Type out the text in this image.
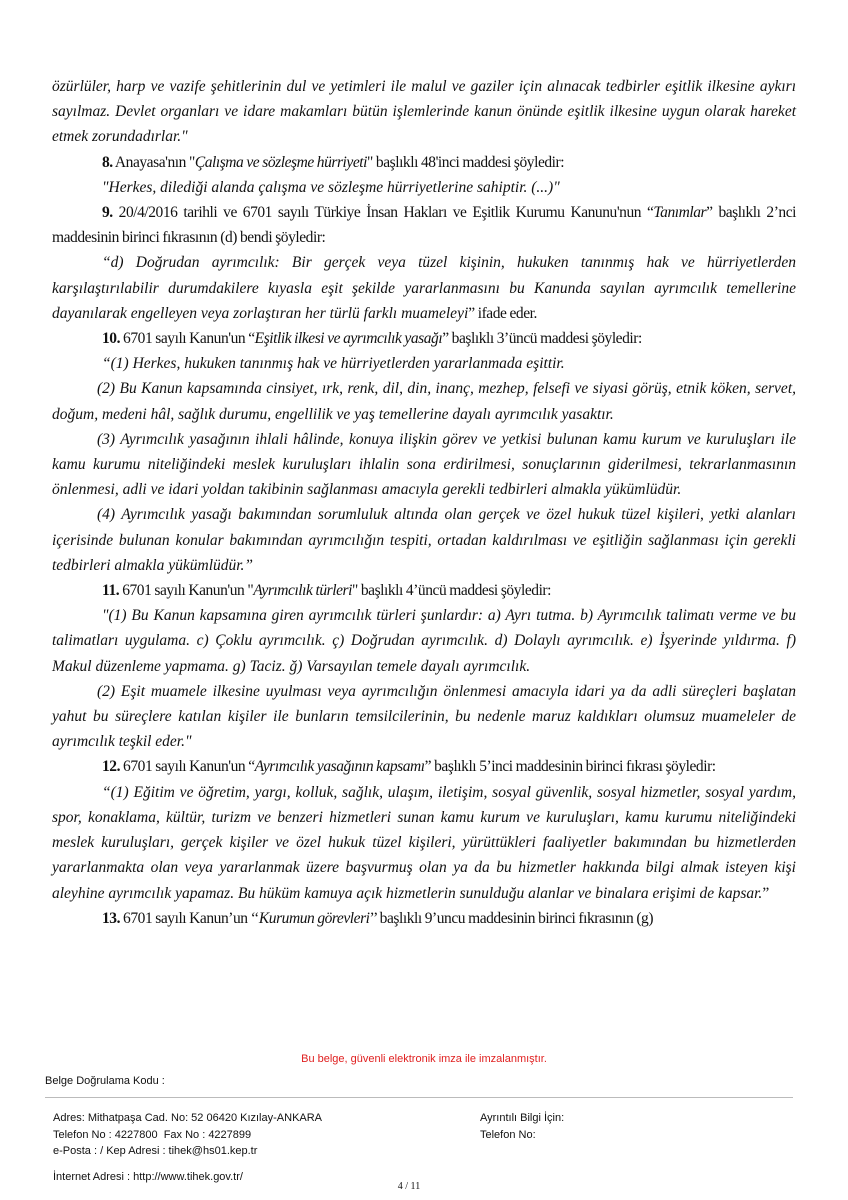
özürlüler, harp ve vazife şehitlerinin dul ve yetimleri ile malul ve gaziler için alınacak tedbirler eşitlik ilkesine aykırı sayılmaz. Devlet organları ve idare makamları bütün işlemlerinde kanun önünde eşitlik ilkesine uygun olarak hareket etmek zorundadırlar."

8. Anayasa'nın "Çalışma ve sözleşme hürriyeti" başlıklı 48'inci maddesi şöyledir:

"Herkes, dilediği alanda çalışma ve sözleşme hürriyetlerine sahiptir. (...)"

9. 20/4/2016 tarihli ve 6701 sayılı Türkiye İnsan Hakları ve Eşitlik Kurumu Kanunu'nun “Tanımlar” başlıklı 2’nci maddesinin birinci fıkrasının (d) bendi şöyledir:

“d) Doğrudan ayrımcılık: Bir gerçek veya tüzel kişinin, hukuken tanınmış hak ve hürriyetlerden karşılaştırılabilir durumdakilere kıyasla eşit şekilde yararlanmasını bu Kanunda sayılan ayrımcılık temellerine dayanılarak engelleyen veya zorlaştıran her türlü farklı muameleyi” ifade eder.

10. 6701 sayılı Kanun'un “Eşitlik ilkesi ve ayrımcılık yasağı” başlıklı 3’üncü maddesi şöyledir:

“(1) Herkes, hukuken tanınmış hak ve hürriyetlerden yararlanmada eşittir.

(2) Bu Kanun kapsamında cinsiyet, ırk, renk, dil, din, inanç, mezhep, felsefi ve siyasi görüş, etnik köken, servet, doğum, medeni hâl, sağlık durumu, engellilik ve yaş temellerine dayalı ayrımcılık yasaktır.

(3) Ayrımcılık yasağının ihlali hâlinde, konuya ilişkin görev ve yetkisi bulunan kamu kurum ve kuruluşları ile kamu kurumu niteliğindeki meslek kuruluşları ihlalin sona erdirilmesi, sonuçlarının giderilmesi, tekrarlanmasının önlenmesi, adli ve idari yoldan takibinin sağlanması amacıyla gerekli tedbirleri almakla yükümlüdür.

(4) Ayrımcılık yasağı bakımından sorumluluk altında olan gerçek ve özel hukuk tüzel kişileri, yetki alanları içerisinde bulunan konular bakımından ayrımcılığın tespiti, ortadan kaldırılması ve eşitliğin sağlanması için gerekli tedbirleri almakla yükümlüdür.”

11. 6701 sayılı Kanun'un "Ayrımcılık türleri" başlıklı 4’üncü maddesi şöyledir:

"(1) Bu Kanun kapsamına giren ayrımcılık türleri şunlardır: a) Ayrı tutma. b) Ayrımcılık talimatı verme ve bu talimatları uygulama. c) Çoklu ayrımcılık. ç) Doğrudan ayrımcılık. d) Dolaylı ayrımcılık. e) İşyerinde yıldırma. f) Makul düzenleme yapmama. g) Taciz. ğ) Varsayılan temele dayalı ayrımcılık.

(2) Eşit muamele ilkesine uyulması veya ayrımcılığın önlenmesi amacıyla idari ya da adli süreçleri başlatan yahut bu süreçlere katılan kişiler ile bunların temsilcilerinin, bu nedenle maruz kaldıkları olumsuz muameleler de ayrımcılık teşkil eder."

12. 6701 sayılı Kanun'un “Ayrımcılık yasağının kapsamı” başlıklı 5’inci maddesinin birinci fıkrası şöyledir:

“(1) Eğitim ve öğretim, yargı, kolluk, sağlık, ulaşım, iletişim, sosyal güvenlik, sosyal hizmetler, sosyal yardım, spor, konaklama, kültür, turizm ve benzeri hizmetleri sunan kamu kurum ve kuruluşları, kamu kurumu niteliğindeki meslek kuruluşları, gerçek kişiler ve özel hukuk tüzel kişileri, yürüttükleri faaliyetler bakımından bu hizmetlerden yararlanmakta olan veya yararlanmak üzere başvurmuş olan ya da bu hizmetler hakkında bilgi almak isteyen kişi aleyhine ayrımcılık yapamaz. Bu hüküm kamuya açık hizmetlerin sunulduğu alanlar ve binalara erişimi de kapsar.”

13. 6701 sayılı Kanun’un ‘‘Kurumun görevleri’’ başlıklı 9’uncu maddesinin birinci fıkrasının (g)

Bu belge, güvenli elektronik imza ile imzalanmıştır.
Belge Doğrulama Kodu :
Adres: Mithatpaşa Cad. No: 52 06420 Kızılay-ANKARA
Telefon No : 4227800  Fax No : 4227899
e-Posta : / Kep Adresi : tihek@hs01.kep.tr
Ayrıntılı Bilgi İçin:
Telefon No:
İnternet Adresi : http://www.tihek.gov.tr/
4 / 11
